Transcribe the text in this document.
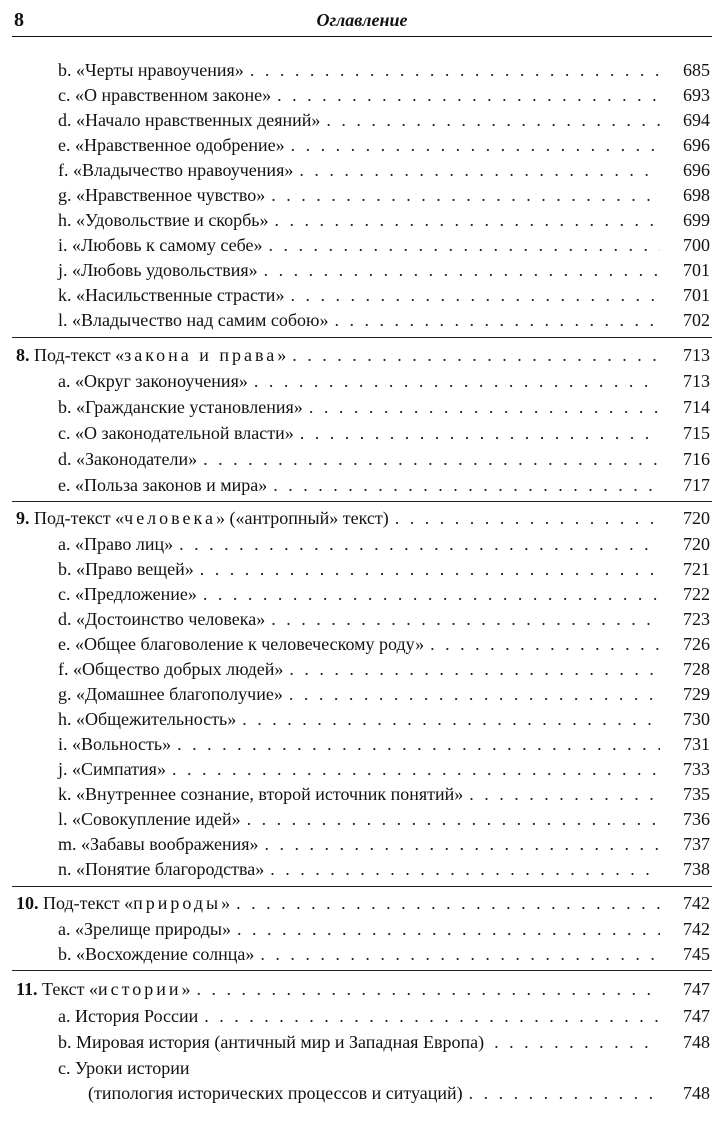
8	Оглавление
b. «Черты нравоучения» . . .	685
c. «О нравственном законе» . . .	693
d. «Начало нравственных деяний» . . .	694
e. «Нравственное одобрение» . . .	696
f. «Владычество нравоучения» . . .	696
g. «Нравственное чувство» . . .	698
h. «Удовольствие и скорбь» . . .	699
i. «Любовь к самому себе» . . .	700
j. «Любовь удовольствия» . . .	701
k. «Насильственные страсти» . . .	701
l. «Владычество над самим собою» . . .	702
8. Под-текст «закона и права» . . .	713
a. «Округ законоучения» . . .	713
b. «Гражданские установления» . . .	714
c. «О законодательной власти» . . .	715
d. «Законодатели» . . .	716
e. «Польза законов и мира» . . .	717
9. Под-текст «человека» («антропный» текст) . . .	720
a. «Право лиц» . . .	720
b. «Право вещей» . . .	721
c. «Предложение» . . .	722
d. «Достоинство человека» . . .	723
e. «Общее благоволение к человеческому роду» . . .	726
f. «Общество добрых людей» . . .	728
g. «Домашнее благополучие» . . .	729
h. «Общежительность» . . .	730
i. «Вольность» . . .	731
j. «Симпатия» . . .	733
k. «Внутреннее сознание, второй источник понятий» . . .	735
l. «Совокупление идей» . . .	736
m. «Забавы воображения» . . .	737
n. «Понятие благородства» . . .	738
10. Под-текст «природы» . . .	742
a. «Зрелище природы» . . .	742
b. «Восхождение солнца» . . .	745
11. Текст «истории» . . .	747
a. История России . . .	747
b. Мировая история (античный мир и Западная Европа) . . .	748
c. Уроки истории
(типология исторических процессов и ситуаций) . . .	748
